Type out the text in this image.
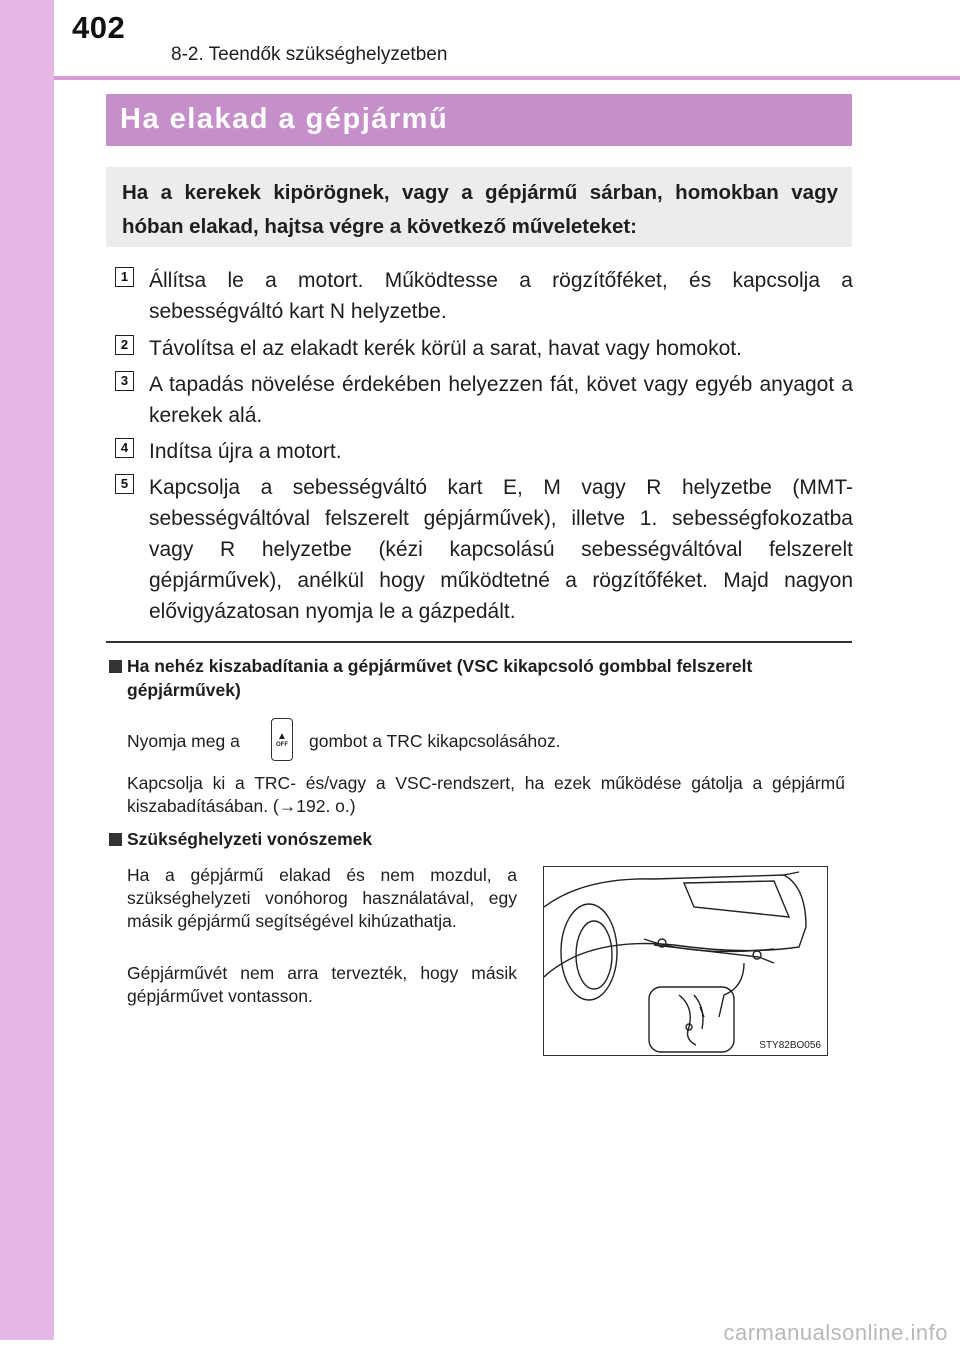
402
8-2. Teendők szükséghelyzetben
Ha elakad a gépjármű
Ha a kerekek kipörögnek, vagy a gépjármű sárban, homokban vagy hóban elakad, hajtsa végre a következő műveleteket:
1 Állítsa le a motort. Működtesse a rögzítőféket, és kapcsolja a sebességváltó kart N helyzetbe.
2 Távolítsa el az elakadt kerék körül a sarat, havat vagy homokot.
3 A tapadás növelése érdekében helyezzen fát, követ vagy egyéb anyagot a kerekek alá.
4 Indítsa újra a motort.
5 Kapcsolja a sebességváltó kart E, M vagy R helyzetbe (MMT-sebességváltóval felszerelt gépjárművek), illetve 1. sebességfokozatba vagy R helyzetbe (kézi kapcsolású sebességváltóval felszerelt gépjárművek), anélkül hogy működtetné a rögzítőféket. Majd nagyon elővigyázatosan nyomja le a gázpedált.
Ha nehéz kiszabadítania a gépjárművet (VSC kikapcsoló gombbal felszerelt gépjárművek)
Nyomja meg a	▲
OFF gombot a TRC kikapcsolásához.
Kapcsolja ki a TRC- és/vagy a VSC-rendszert, ha ezek működése gátolja a gépjármű kiszabadításában. (→192. o.)
Szükséghelyzeti vonószemek
Ha a gépjármű elakad és nem mozdul, a szükséghelyzeti vonóhorog használatával, egy másik gépjármű segítségével kihúzathatja.
Gépjárművét nem arra tervezték, hogy másik gépjárművet vontasson.
STY82BO056
carmanualsonline.info
